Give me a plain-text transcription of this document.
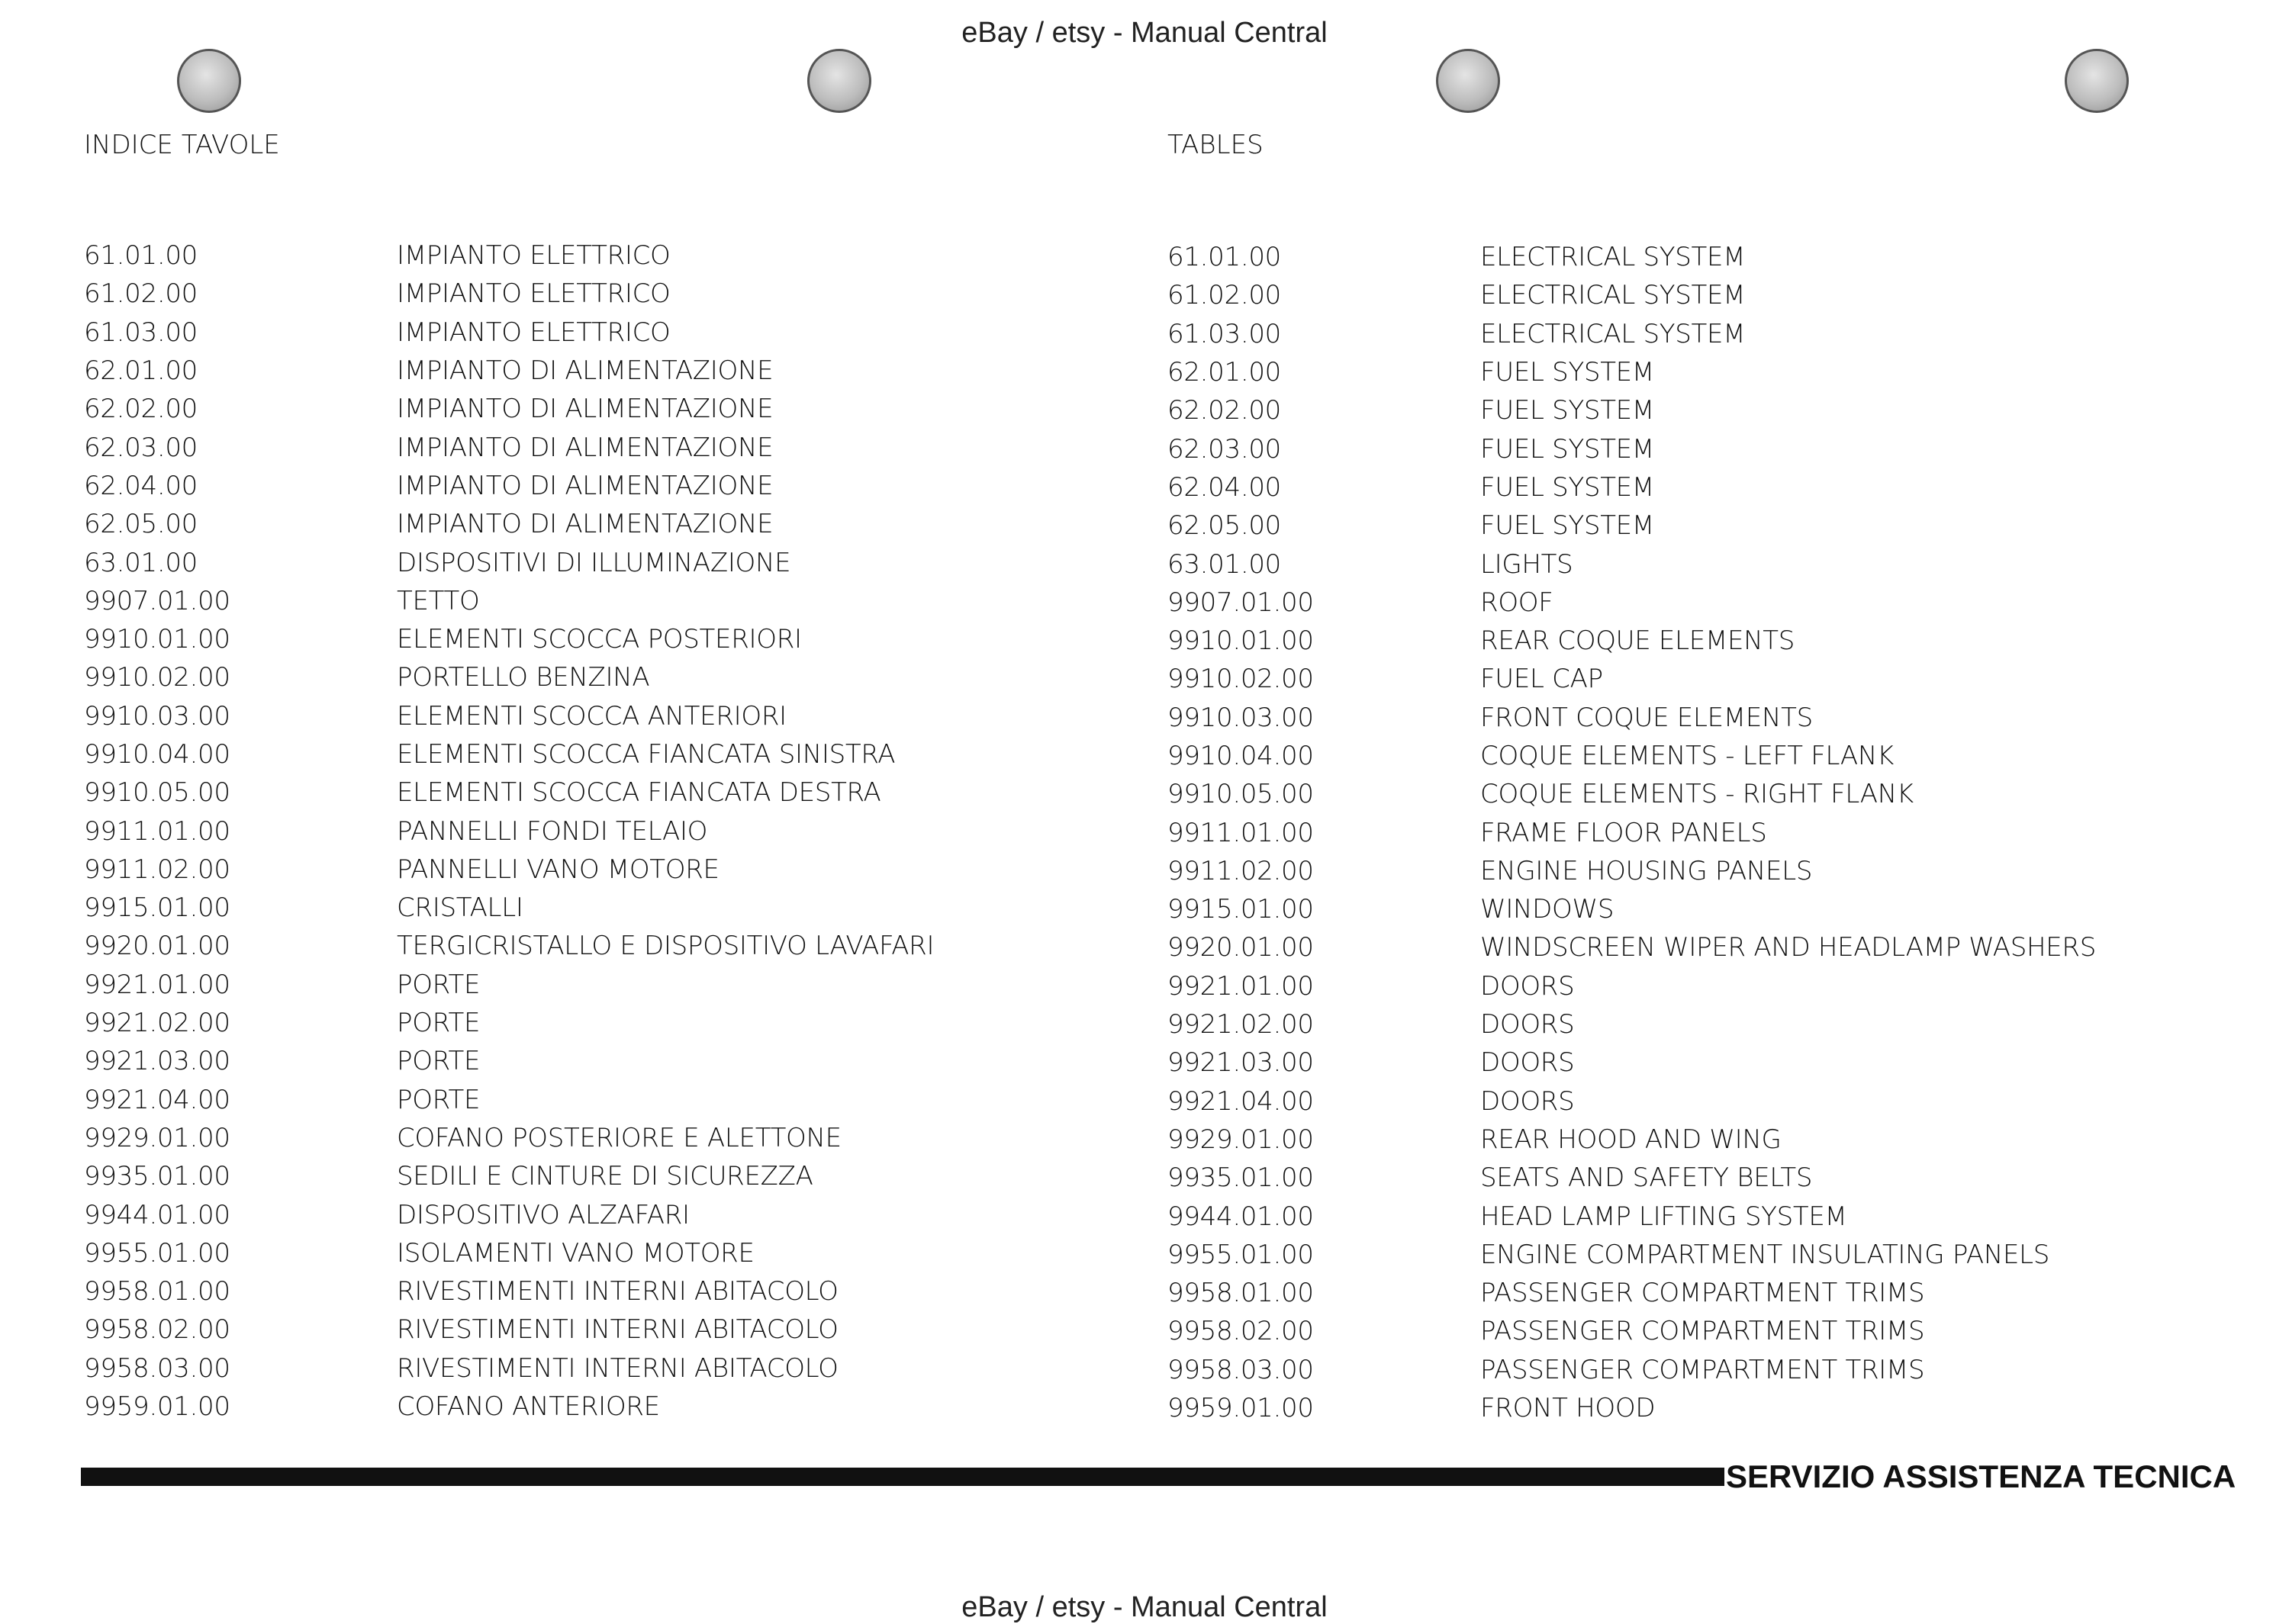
eBay / etsy - Manual Central
INDICE TAVOLE	TABLES
61.01.00	IMPIANTO ELETTRICO
61.02.00	IMPIANTO ELETTRICO
61.03.00	IMPIANTO ELETTRICO
62.01.00	IMPIANTO DI ALIMENTAZIONE
62.02.00	IMPIANTO DI ALIMENTAZIONE
62.03.00	IMPIANTO DI ALIMENTAZIONE
62.04.00	IMPIANTO DI ALIMENTAZIONE
62.05.00	IMPIANTO DI ALIMENTAZIONE
63.01.00	DISPOSITIVI DI ILLUMINAZIONE
9907.01.00	TETTO
9910.01.00	ELEMENTI SCOCCA POSTERIORI
9910.02.00	PORTELLO BENZINA
9910.03.00	ELEMENTI SCOCCA ANTERIORI
9910.04.00	ELEMENTI SCOCCA FIANCATA SINISTRA
9910.05.00	ELEMENTI SCOCCA FIANCATA DESTRA
9911.01.00	PANNELLI FONDI TELAIO
9911.02.00	PANNELLI VANO MOTORE
9915.01.00	CRISTALLI
9920.01.00	TERGICRISTALLO E DISPOSITIVO LAVAFARI
9921.01.00	PORTE
9921.02.00	PORTE
9921.03.00	PORTE
9921.04.00	PORTE
9929.01.00	COFANO POSTERIORE E ALETTONE
9935.01.00	SEDILI E CINTURE DI SICUREZZA
9944.01.00	DISPOSITIVO ALZAFARI
9955.01.00	ISOLAMENTI VANO MOTORE
9958.01.00	RIVESTIMENTI INTERNI ABITACOLO
9958.02.00	RIVESTIMENTI INTERNI ABITACOLO
9958.03.00	RIVESTIMENTI INTERNI ABITACOLO
9959.01.00	COFANO ANTERIORE
61.01.00	ELECTRICAL SYSTEM
61.02.00	ELECTRICAL SYSTEM
61.03.00	ELECTRICAL SYSTEM
62.01.00	FUEL SYSTEM
62.02.00	FUEL SYSTEM
62.03.00	FUEL SYSTEM
62.04.00	FUEL SYSTEM
62.05.00	FUEL SYSTEM
63.01.00	LIGHTS
9907.01.00	ROOF
9910.01.00	REAR COQUE ELEMENTS
9910.02.00	FUEL CAP
9910.03.00	FRONT COQUE ELEMENTS
9910.04.00	COQUE ELEMENTS - LEFT FLANK
9910.05.00	COQUE ELEMENTS - RIGHT FLANK
9911.01.00	FRAME FLOOR PANELS
9911.02.00	ENGINE HOUSING PANELS
9915.01.00	WINDOWS
9920.01.00	WINDSCREEN WIPER AND HEADLAMP WASHERS
9921.01.00	DOORS
9921.02.00	DOORS
9921.03.00	DOORS
9921.04.00	DOORS
9929.01.00	REAR HOOD AND WING
9935.01.00	SEATS AND SAFETY BELTS
9944.01.00	HEAD LAMP LIFTING SYSTEM
9955.01.00	ENGINE COMPARTMENT INSULATING PANELS
9958.01.00	PASSENGER COMPARTMENT TRIMS
9958.02.00	PASSENGER COMPARTMENT TRIMS
9958.03.00	PASSENGER COMPARTMENT TRIMS
9959.01.00	FRONT HOOD
SERVIZIO ASSISTENZA TECNICA
eBay / etsy - Manual Central
